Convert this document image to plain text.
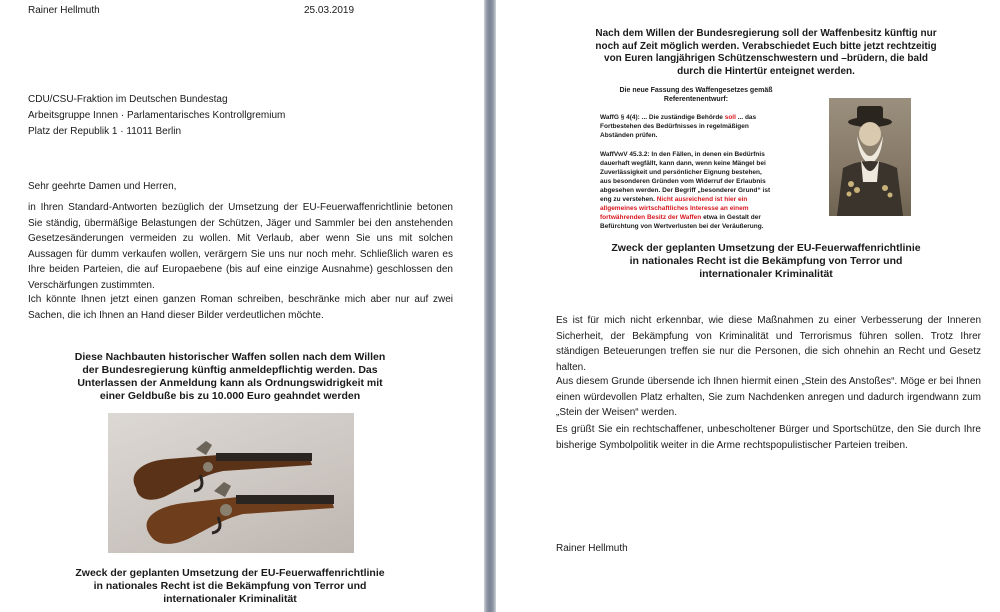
Rainer Hellmuth	25.03.2019

CDU/CSU-Fraktion im Deutschen Bundestag
Arbeitsgruppe Innen · Parlamentarisches Kontrollgremium
Platz der Republik 1 · 11011 Berlin

Sehr geehrte Damen und Herren,

in Ihren Standard-Antworten bezüglich der Umsetzung der EU-Feuerwaffenrichtlinie betonen Sie ständig, übermäßige Belastungen der Schützen, Jäger und Sammler bei den anstehenden Gesetzesänderungen vermeiden zu wollen. Mit Verlaub, aber wenn Sie uns mit solchen Aussagen für dumm verkaufen wollen, verärgern Sie uns nur noch mehr. Schließlich waren es Ihre beiden Parteien, die auf Europaebene (bis auf eine einzige Ausnahme) geschlossen den Verschärfungen zustimmten.

Ich könnte Ihnen jetzt einen ganzen Roman schreiben, beschränke mich aber nur auf zwei Sachen, die ich Ihnen an Hand dieser Bilder verdeutlichen möchte.

Diese Nachbauten historischer Waffen sollen nach dem Willen
der Bundesregierung künftig anmeldepflichtig werden. Das
Unterlassen der Anmeldung kann als Ordnungswidrigkeit mit
einer Geldbuße bis zu 10.000 Euro geahndet werden
Zweck der geplanten Umsetzung der EU-Feuerwaffenrichtlinie
in nationales Recht ist die Bekämpfung von Terror und
internationaler Kriminalität
Nach dem Willen der Bundesregierung soll der Waffenbesitz künftig nur
noch auf Zeit möglich werden. Verabschiedet Euch bitte jetzt rechtzeitig
von Euren langjährigen Schützenschwestern und –brüdern, die bald
durch die Hintertür enteignet werden.
Die neue Fassung des Waffengesetzes gemäß
Referentenentwurf:
WaffG § 4(4): ... Die zuständige Behörde soll ... das
Fortbestehen des Bedürfnisses in regelmäßigen
Abständen prüfen.
WaffVwV 45.3.2: In den Fällen, in denen ein Bedürfnis
dauerhaft wegfällt, kann dann, wenn keine Mängel bei
Zuverlässigkeit und persönlicher Eignung bestehen,
aus besonderen Gründen vom Widerruf der Erlaubnis
abgesehen werden. Der Begriff „besonderer Grund“ ist
eng zu verstehen. Nicht ausreichend ist hier ein
allgemeines wirtschaftliches Interesse an einem
fortwährenden Besitz der Waffen etwa in Gestalt der
Befürchtung von Wertverlusten bei der Veräußerung.
Zweck der geplanten Umsetzung der EU-Feuerwaffenrichtlinie
in nationales Recht ist die Bekämpfung von Terror und
internationaler Kriminalität

Es ist für mich nicht erkennbar, wie diese Maßnahmen zu einer Verbesserung der Inneren Sicherheit, der Bekämpfung von Kriminalität und Terrorismus führen sollen. Trotz Ihrer ständigen Beteuerungen treffen sie nur die Personen, die sich ohnehin an Recht und Gesetz halten.

Aus diesem Grunde übersende ich Ihnen hiermit einen „Stein des Anstoßes“. Möge er bei Ihnen einen würdevollen Platz erhalten, Sie zum Nachdenken anregen und dadurch irgendwann zum „Stein der Weisen“ werden.

Es grüßt Sie ein rechtschaffener, unbescholtener Bürger und Sportschütze, den Sie durch Ihre bisherige Symbolpolitik weiter in die Arme rechtspopulistischer Parteien treiben.

Rainer Hellmuth
